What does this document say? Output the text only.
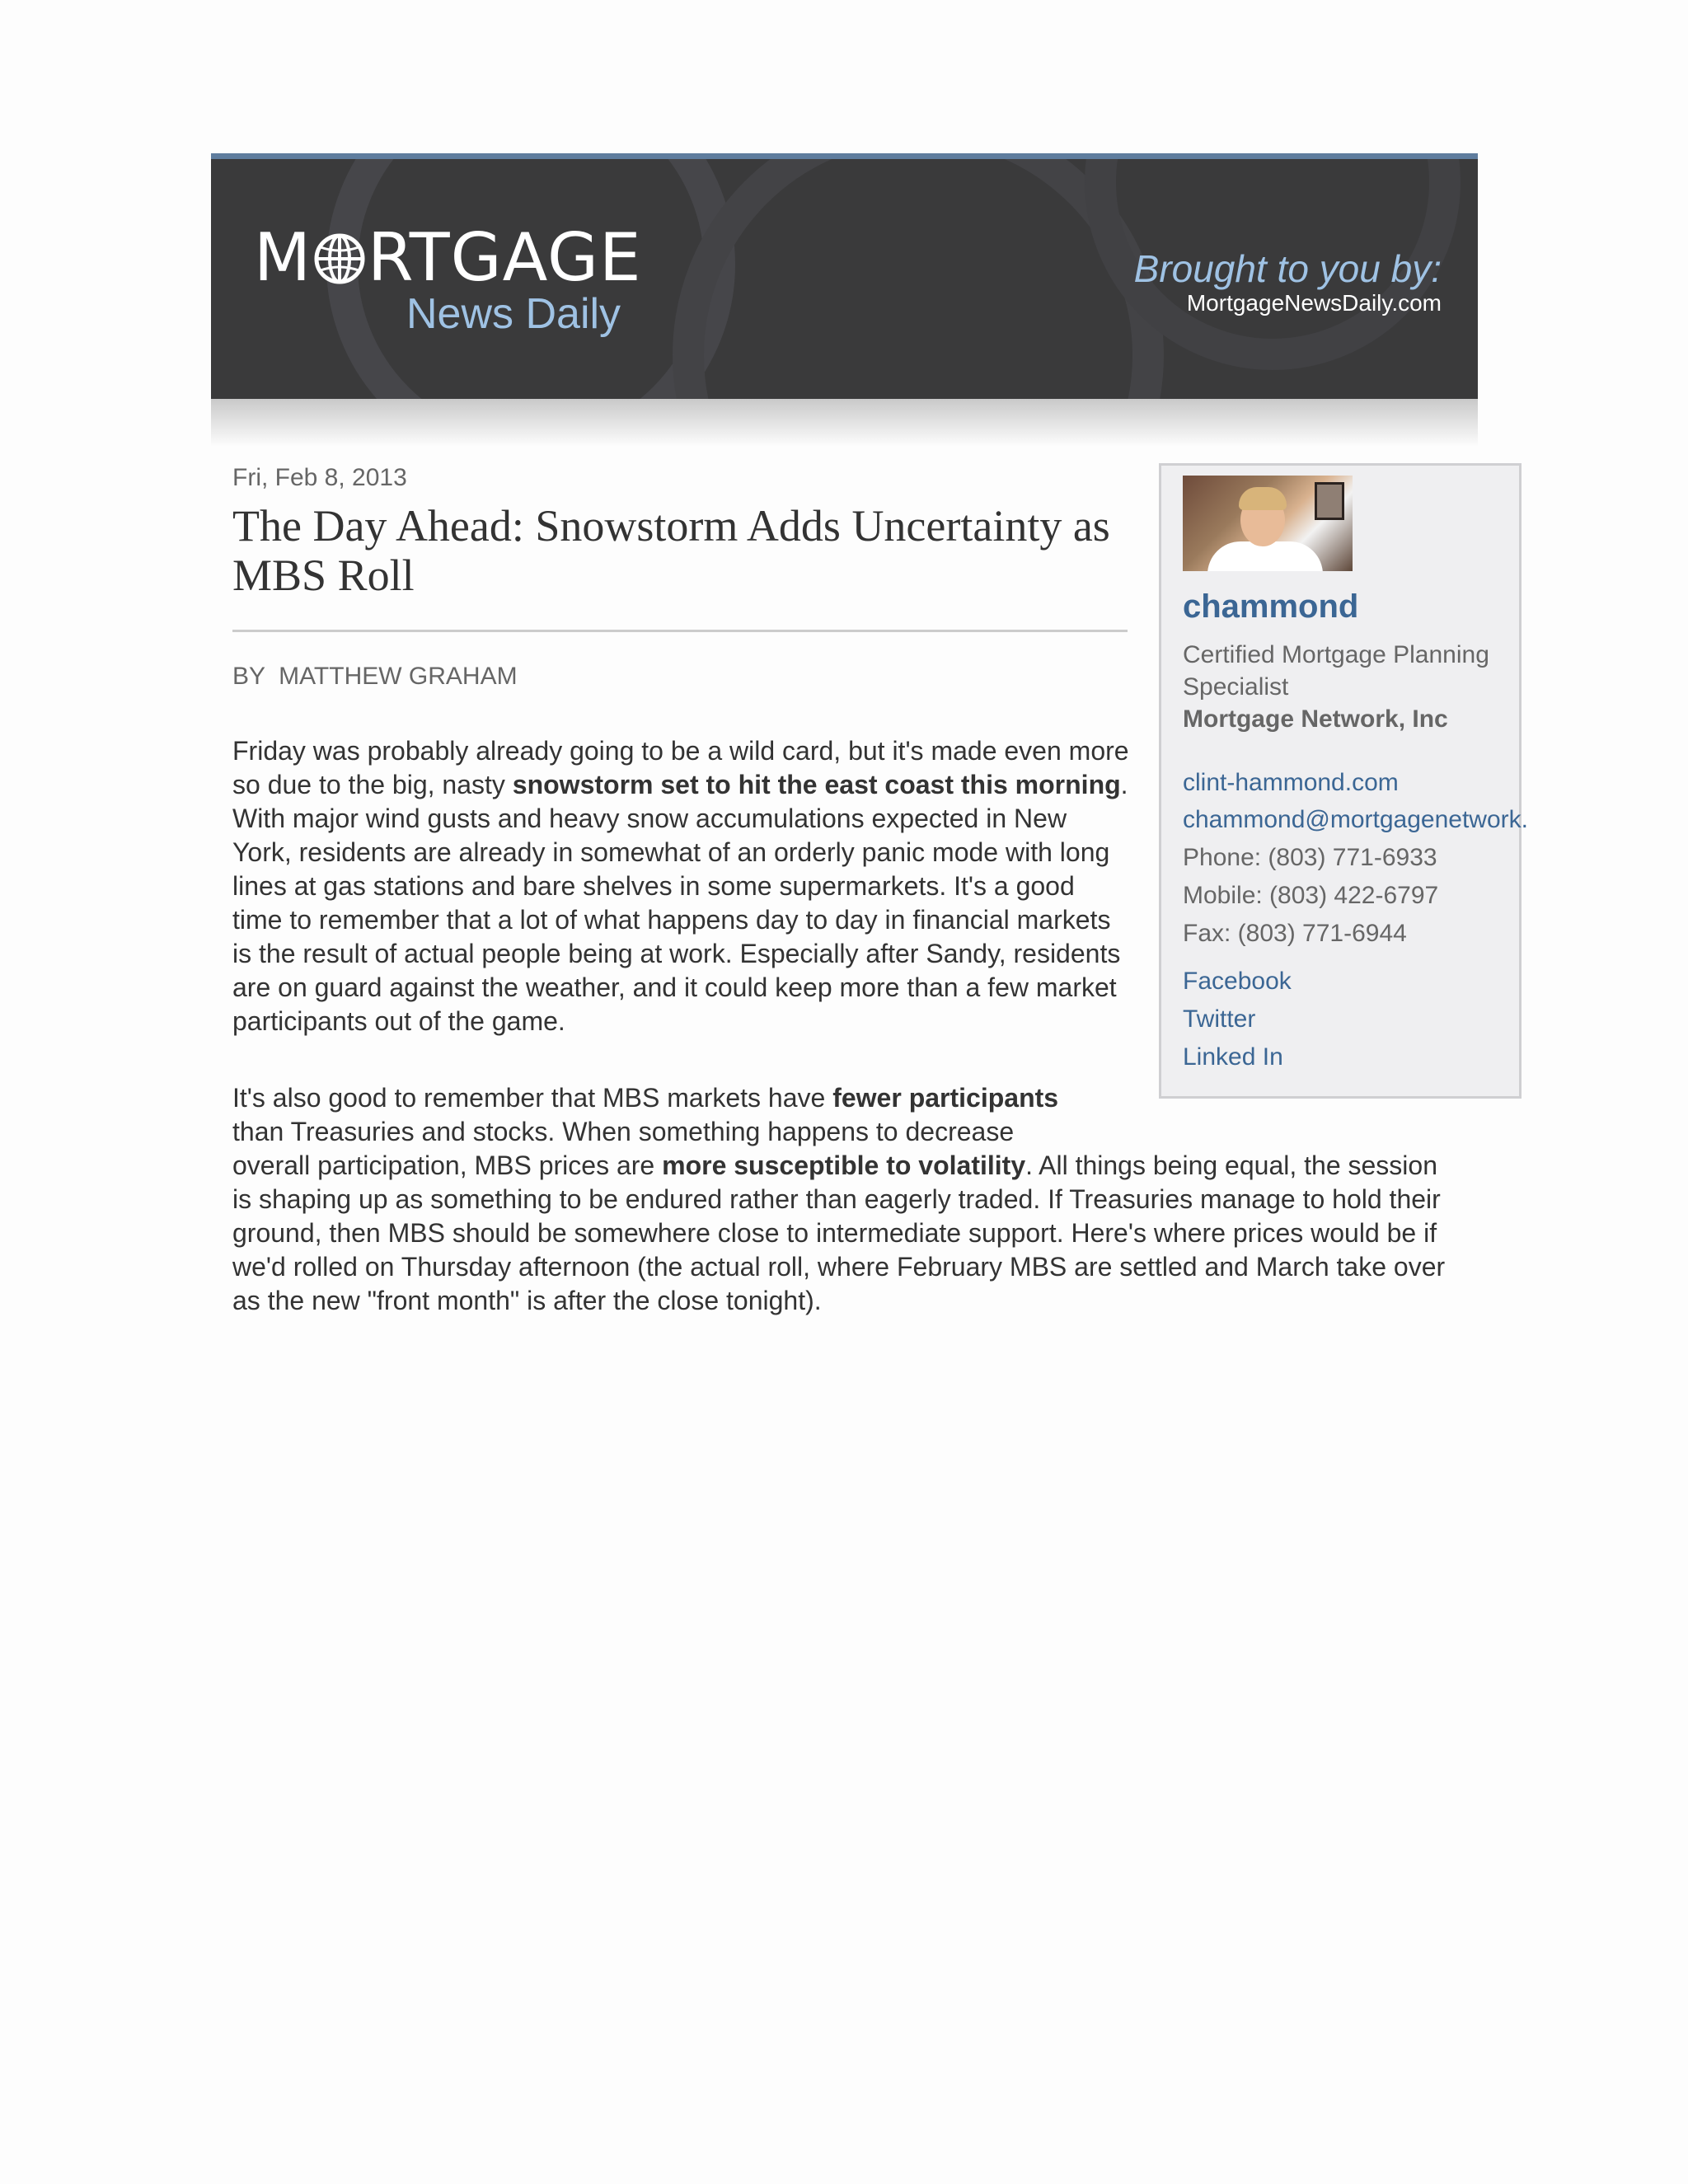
M RTGAGE
News Daily
Brought to you by:
MortgageNewsDaily.com
Fri, Feb 8, 2013
The Day Ahead: Snowstorm Adds Uncertainty as MBS Roll
BY  MATTHEW GRAHAM

Friday was probably already going to be a wild card, but it's made even more so due to the big, nasty snowstorm set to hit the east coast this morning. With major wind gusts and heavy snow accumulations expected in New York, residents are already in somewhat of an orderly panic mode with long lines at gas stations and bare shelves in some supermarkets. It's a good time to remember that a lot of what happens day to day in financial markets is the result of actual people being at work. Especially after Sandy, residents are on guard against the weather, and it could keep more than a few market participants out of the game.

It's also good to remember that MBS markets have fewer participants
than Treasuries and stocks. When something happens to decrease
overall participation, MBS prices are more susceptible to volatility. All things being equal, the session
is shaping up as something to be endured rather than eagerly traded. If Treasuries manage to hold their
ground, then MBS should be somewhere close to intermediate support. Here's where prices would be if
we'd rolled on Thursday afternoon (the actual roll, where February MBS are settled and March take over
as the new "front month" is after the close tonight).

chammond
Certified Mortgage Planning Specialist
Mortgage Network, Inc
clint-hammond.com
chammond@mortgagenetwork.
Phone: (803) 771-6933
Mobile: (803) 422-6797
Fax: (803) 771-6944
Facebook
Twitter
Linked In
